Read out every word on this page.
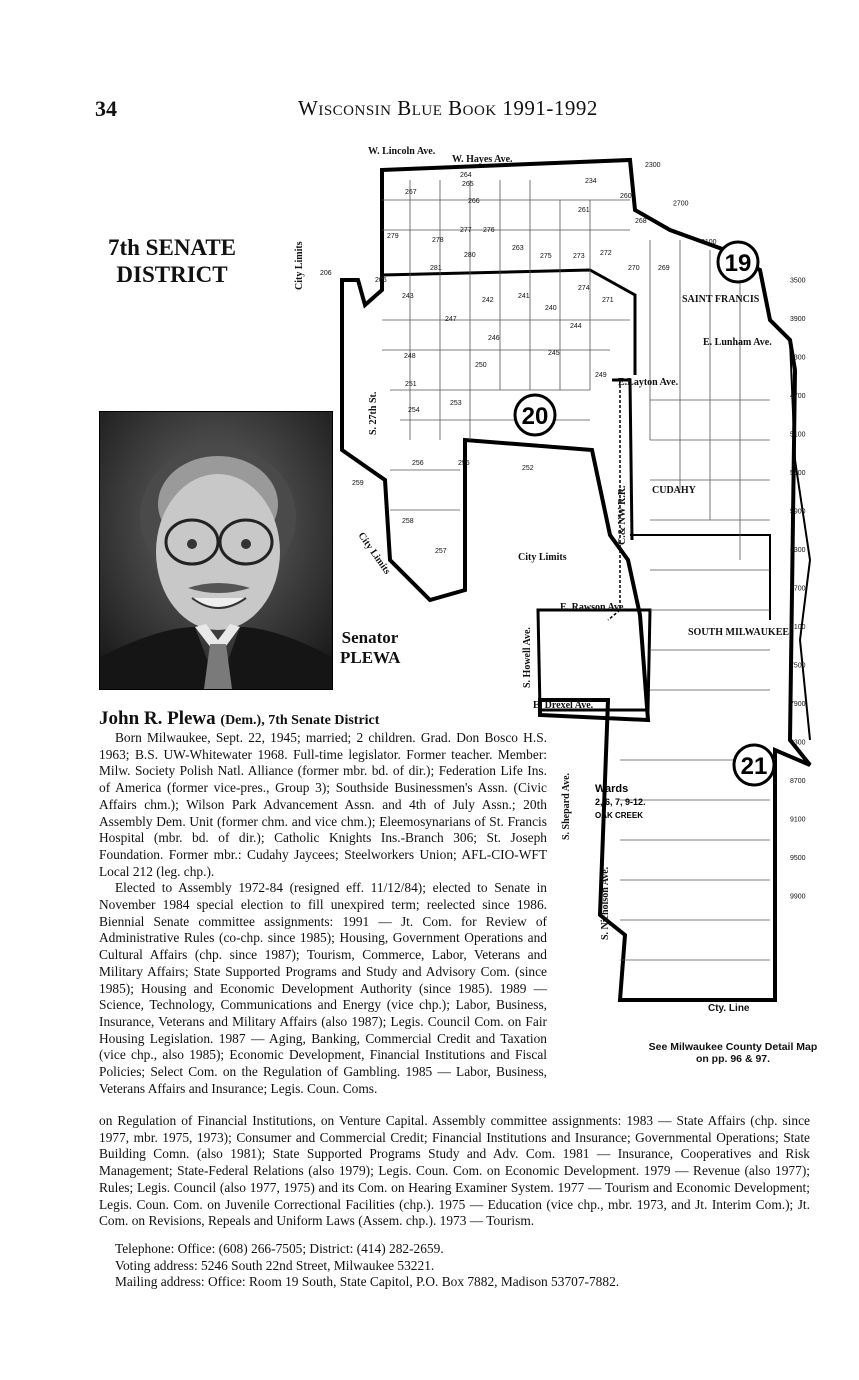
34	Wisconsin Blue Book 1991-1992
7th SENATE
DISTRICT
Senator
PLEWA
19
20
21
W. Lincoln Ave.
W. Hayes Ave.
City Limits
S. 27th St.
E. Lunham Ave.
E.Layton Ave.
C.& NW R.R.
City Limits
E. Rawson Ave.
S. Howell Ave.
E. Drexel Ave.
S. Shepard Ave.
S. Nicholson Ave.
City Limits
SAINT FRANCIS
CUDAHY
SOUTH MILWAUKEE
Wards
2, 6, 7, 9-12.
OAK CREEK
2300
2700
3100
3500
3900
4300
4700
5100
5500
5900
6300
6700
7100
7500
7900
8300
8700
9100
9500
9900
264
265
267
266
277 276
279
278
280
234
260
261
268
263
275	273 272
270	269
281
206
205
243
242
241
240
274
271
247
246
244
245
248
249
250
251
253
254
252
256	255
259
258
257
Cty. Line
See Milwaukee County Detail Map on pp. 96 & 97.
John R. Plewa (Dem.), 7th Senate District

Born Milwaukee, Sept. 22, 1945; married; 2 children. Grad. Don Bosco H.S. 1963; B.S. UW-Whitewater 1968. Full-time legislator. Former teacher. Member: Milw. Society Polish Natl. Alliance (former mbr. bd. of dir.); Federation Life Ins. of America (former vice-pres., Group 3); Southside Businessmen's Assn. (Civic Affairs chm.); Wilson Park Advancement Assn. and 4th of July Assn.; 20th Assembly Dem. Unit (former chm. and vice chm.); Eleemosynarians of St. Francis Hospital (mbr. bd. of dir.); Catholic Knights Ins.-Branch 306; St. Joseph Foundation. Former mbr.: Cudahy Jaycees; Steelworkers Union; AFL-CIO-WFT Local 212 (leg. chp.).

Elected to Assembly 1972-84 (resigned eff. 11/12/84); elected to Senate in November 1984 special election to fill unexpired term; reelected since 1986. Biennial Senate committee assignments: 1991 — Jt. Com. for Review of Administrative Rules (co-chp. since 1985); Housing, Government Operations and Cultural Affairs (chp. since 1987); Tourism, Commerce, Labor, Veterans and Military Affairs; State Supported Programs and Study and Advisory Com. (since 1985); Housing and Economic Development Authority (since 1985). 1989 — Science, Technology, Communications and Energy (vice chp.); Labor, Business, Insurance, Veterans and Military Affairs (also 1987); Legis. Council Com. on Fair Housing Legislation. 1987 — Aging, Banking, Commercial Credit and Taxation (vice chp., also 1985); Economic Development, Financial Institutions and Fiscal Policies; Select Com. on the Regulation of Gambling. 1985 — Labor, Business, Veterans Affairs and Insurance; Legis. Coun. Coms.

on Regulation of Financial Institutions, on Venture Capital. Assembly committee assignments: 1983 — State Affairs (chp. since 1977, mbr. 1975, 1973); Consumer and Commercial Credit; Financial Institutions and Insurance; Governmental Operations; State Building Comn. (also 1981); State Supported Programs Study and Adv. Com. 1981 — Insurance, Cooperatives and Risk Management; State-Federal Relations (also 1979); Legis. Coun. Com. on Economic Development. 1979 — Revenue (also 1977); Rules; Legis. Council (also 1977, 1975) and its Com. on Hearing Examiner System. 1977 — Tourism and Economic Development; Legis. Coun. Com. on Juvenile Correctional Facilities (chp.). 1975 — Education (vice chp., mbr. 1973, and Jt. Interim Com.); Jt. Com. on Revisions, Repeals and Uniform Laws (Assem. chp.). 1973 — Tourism.
Telephone: Office: (608) 266-7505; District: (414) 282-2659.
Voting address: 5246 South 22nd Street, Milwaukee 53221.
Mailing address: Office: Room 19 South, State Capitol, P.O. Box 7882, Madison 53707-7882.
